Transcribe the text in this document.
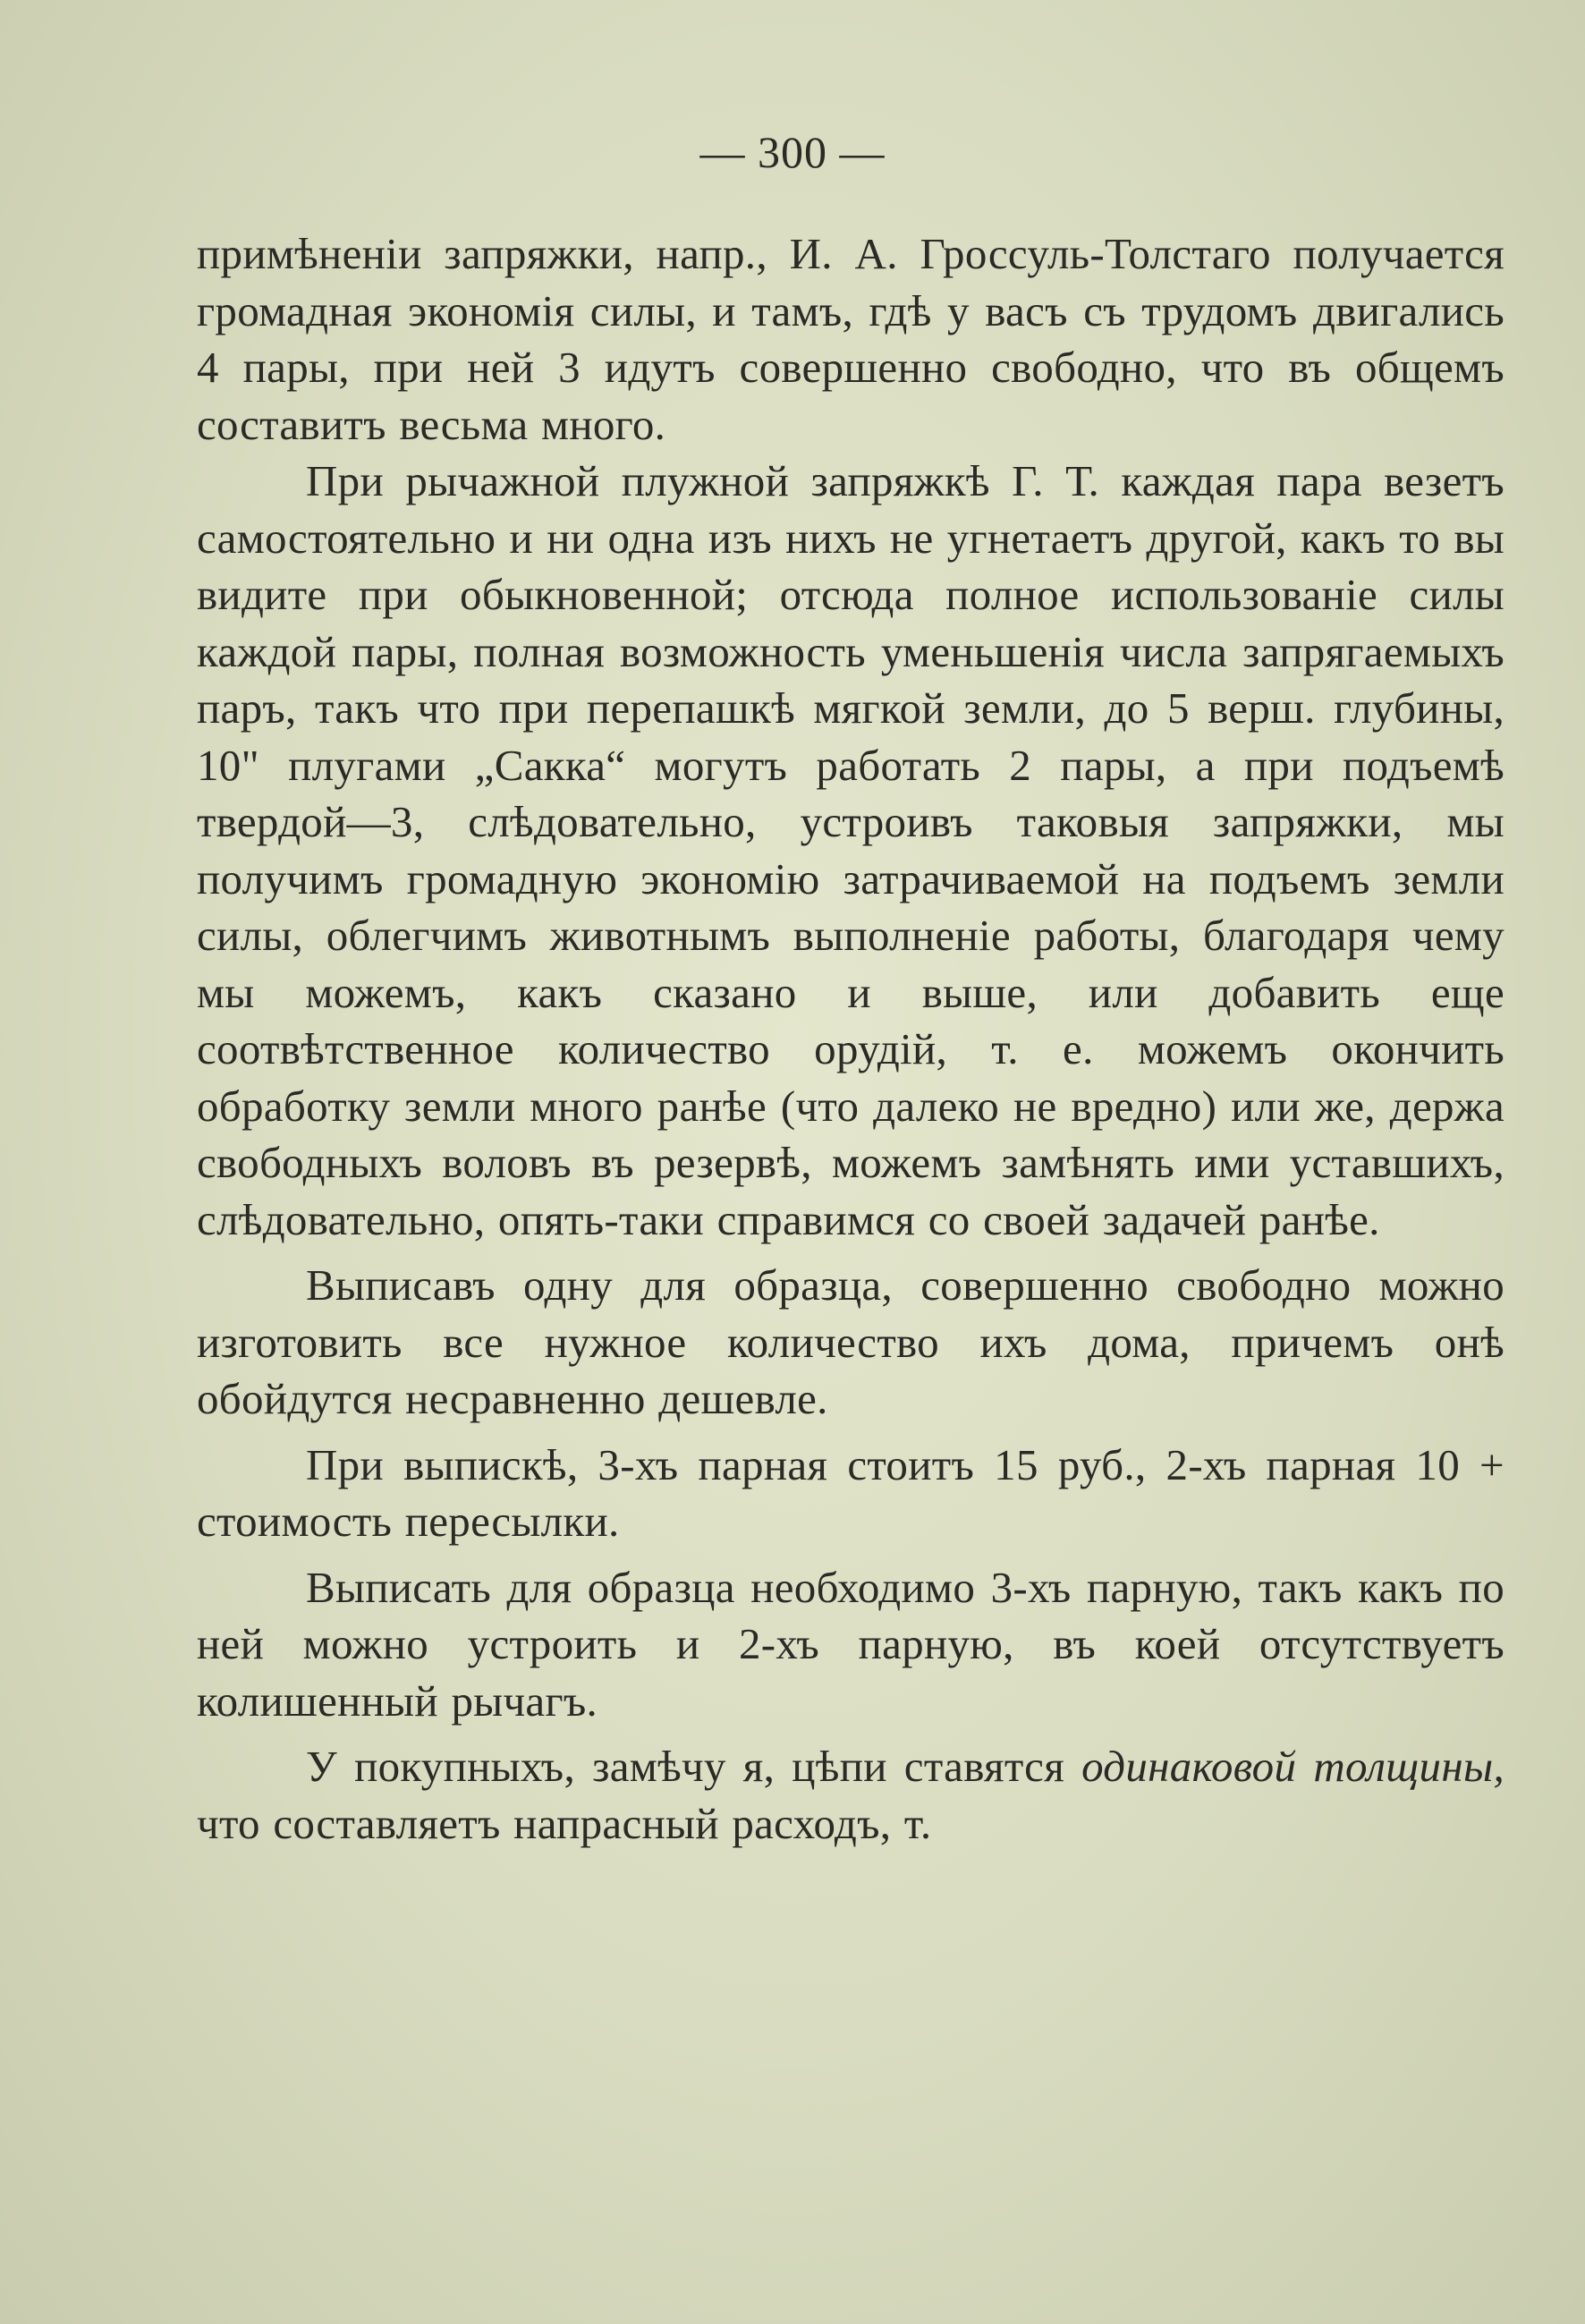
— 300 —

примѣненіи запряжки, напр., И. А. Гроссуль-Толстаго получается громадная экономія силы, и тамъ, гдѣ у васъ съ трудомъ двигались 4 пары, при ней 3 идутъ совершенно свободно, что въ общемъ составитъ весьма много.

При рычажной плужной запряжкѣ Г. Т. каждая пара везетъ самостоятельно и ни одна изъ нихъ не угнетаетъ другой, какъ то вы видите при обыкновенной; отсюда полное использованіе силы каждой пары, полная возможность уменьшенія числа запрягаемыхъ паръ, такъ что при перепашкѣ мягкой земли, до 5 верш. глубины, 10" плугами „Сакка“ могутъ работать 2 пары, а при подъемѣ твердой—3, слѣдовательно, устроивъ таковыя запряжки, мы получимъ громадную экономію затрачиваемой на подъемъ земли силы, облегчимъ животнымъ выполненіе работы, благодаря чему мы можемъ, какъ сказано и выше, или добавить еще соотвѣтственное количество орудій, т. е. можемъ окончить обработку земли много ранѣе (что далеко не вредно) или же, держа свободныхъ воловъ въ резервѣ, можемъ замѣнять ими уставшихъ, слѣдовательно, опять-таки справимся со своей задачей ранѣе.

Выписавъ одну для образца, совершенно свободно можно изготовить все нужное количество ихъ дома, причемъ онѣ обойдутся несравненно дешевле.

При выпискѣ, 3-хъ парная стоитъ 15 руб., 2-хъ парная 10 + стоимость пересылки.

Выписать для образца необходимо 3-хъ парную, такъ какъ по ней можно устроить и 2-хъ парную, въ коей отсутствуетъ колишенный рычагъ.

У покупныхъ, замѣчу я, цѣпи ставятся одинаковой толщины, что составляетъ напрасный расходъ, т.
